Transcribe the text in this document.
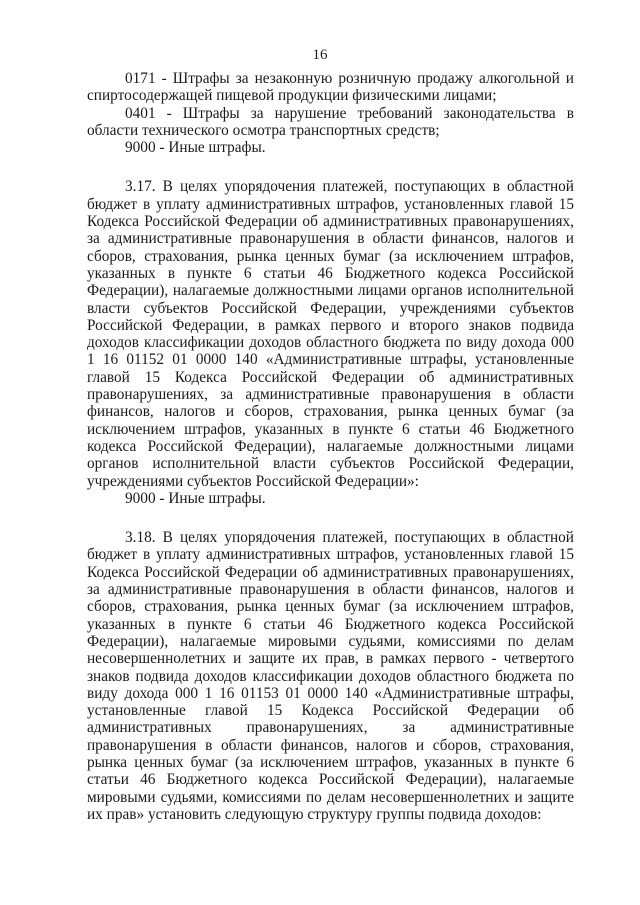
16

0171 - Штрафы за незаконную розничную продажу алкогольной и спиртосодержащей пищевой продукции физическими лицами;

0401 - Штрафы за нарушение требований законодательства в области технического осмотра транспортных средств;

9000 - Иные штрафы.

3.17. В целях упорядочения платежей, поступающих в областной бюджет в уплату административных штрафов, установленных главой 15 Кодекса Российской Федерации об административных правонарушениях, за административные правонарушения в области финансов, налогов и сборов, страхования, рынка ценных бумаг (за исключением штрафов, указанных в пункте 6 статьи 46 Бюджетного кодекса Российской Федерации), налагаемые должностными лицами органов исполнительной власти субъектов Российской Федерации, учреждениями субъектов Российской Федерации, в рамках первого и второго знаков подвида доходов классификации доходов областного бюджета по виду дохода 000 1 16 01152 01 0000 140 «Административные штрафы, установленные главой 15 Кодекса Российской Федерации об административных правонарушениях, за административные правонарушения в области финансов, налогов и сборов, страхования, рынка ценных бумаг (за исключением штрафов, указанных в пункте 6 статьи 46 Бюджетного кодекса Российской Федерации), налагаемые должностными лицами органов исполнительной власти субъектов Российской Федерации, учреждениями субъектов Российской Федерации»:

9000 - Иные штрафы.

3.18. В целях упорядочения платежей, поступающих в областной бюджет в уплату административных штрафов, установленных главой 15 Кодекса Российской Федерации об административных правонарушениях, за административные правонарушения в области финансов, налогов и сборов, страхования, рынка ценных бумаг (за исключением штрафов, указанных в пункте 6 статьи 46 Бюджетного кодекса Российской Федерации), налагаемые мировыми судьями, комиссиями по делам несовершеннолетних и защите их прав, в рамках первого - четвертого знаков подвида доходов классификации доходов областного бюджета по виду дохода 000 1 16 01153 01 0000 140 «Административные штрафы, установленные главой 15 Кодекса Российской Федерации об административных правонарушениях, за административные правонарушения в области финансов, налогов и сборов, страхования, рынка ценных бумаг (за исключением штрафов, указанных в пункте 6 статьи 46 Бюджетного кодекса Российской Федерации), налагаемые мировыми судьями, комиссиями по делам несовершеннолетних и защите их прав» установить следующую структуру группы подвида доходов:
